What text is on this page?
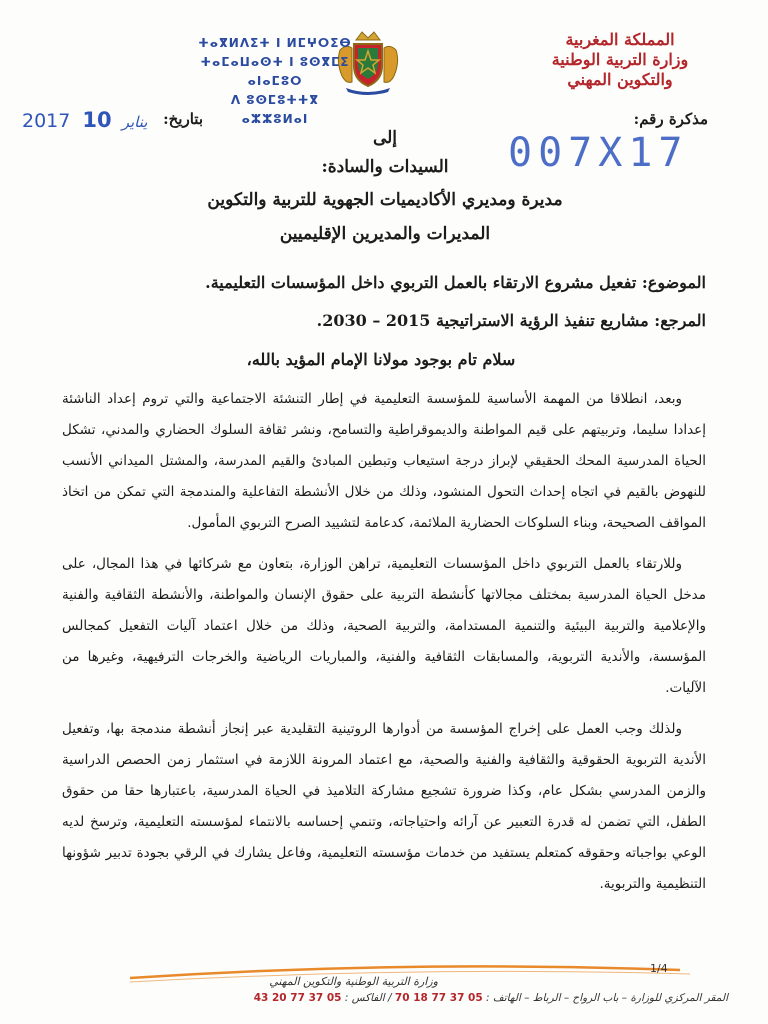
المملكة المغربية
وزارة التربية الوطنية
والتكوين المهني
ⵜⴰⴳⵍⴷⵉⵜ ⵏ ⵍⵎⵖⵔⵉⴱ
ⵜⴰⵎⴰⵡⴰⵙⵜ ⵏ ⵓⵙⴳⵎⵉ ⴰⵏⴰⵎⵓⵔ
ⴷ ⵓⵙⵎⵓⵜⵜⴳ ⴰⵣⵣⵓⵍⴰⵏ	مذكرة رقم:
بتاريخ:
2017	يناير 10
007X17
إلى
السيدات والسادة:
مديرة ومديري الأكاديميات الجهوية للتربية والتكوين
المديرات والمديرين الإقليميين
الموضوع: تفعيل مشروع الارتقاء بالعمل التربوي داخل المؤسسات التعليمية.
المرجع: مشاريع تنفيذ الرؤية الاستراتيجية 2015 – 2030.
سلام تام بوجود مولانا الإمام المؤيد بالله،

وبعد، انطلاقا من المهمة الأساسية للمؤسسة التعليمية في إطار التنشئة الاجتماعية والتي تروم إعداد الناشئة إعدادا سليما، وتربيتهم على قيم المواطنة والديموقراطية والتسامح، ونشر ثقافة السلوك الحضاري والمدني، تشكل الحياة المدرسية المحك الحقيقي لإبراز درجة استيعاب وتبطين المبادئ والقيم المدرسة، والمشتل الميداني الأنسب للنهوض بالقيم في اتجاه إحداث التحول المنشود، وذلك من خلال الأنشطة التفاعلية والمندمجة التي تمكن من اتخاذ المواقف الصحيحة، وبناء السلوكات الحضارية الملائمة، كدعامة لتشييد الصرح التربوي المأمول.

وللارتقاء بالعمل التربوي داخل المؤسسات التعليمية، تراهن الوزارة، بتعاون مع شركائها في هذا المجال، على مدخل الحياة المدرسية بمختلف مجالاتها كأنشطة التربية على حقوق الإنسان والمواطنة، والأنشطة الثقافية والفنية والإعلامية والتربية البيئية والتنمية المستدامة، والتربية الصحية، وذلك من خلال اعتماد آليات التفعيل كمجالس المؤسسة، والأندية التربوية، والمسابقات الثقافية والفنية، والمباريات الرياضية والخرجات الترفيهية، وغيرها من الآليات.

ولذلك وجب العمل على إخراج المؤسسة من أدوارها الروتينية التقليدية عبر إنجاز أنشطة مندمجة بها، وتفعيل الأندية التربوية الحقوقية والثقافية والفنية والصحية، مع اعتماد المرونة اللازمة في استثمار زمن الحصص الدراسية والزمن المدرسي بشكل عام، وكذا ضرورة تشجيع مشاركة التلاميذ في الحياة المدرسية، باعتبارها حقا من حقوق الطفل، التي تضمن له قدرة التعبير عن آرائه واحتياجاته، وتنمي إحساسه بالانتماء لمؤسسته التعليمية، وترسخ لديه الوعي بواجباته وحقوقه كمتعلم يستفيد من خدمات مؤسسته التعليمية، وفاعل يشارك في الرقي بجودة تدبير شؤونها التنظيمية والتربوية.

1/4
وزارة التربية الوطنية والتكوين المهني
المقر المركزي للوزارة – باب الرواح – الرباط – الهاتف : 05 37 77 18 70 / الفاكس : 05 37 77 20 43
